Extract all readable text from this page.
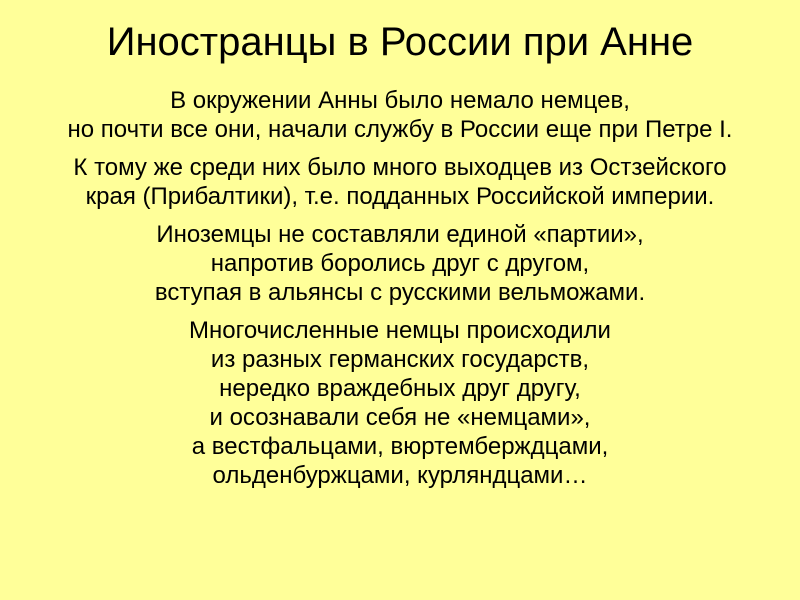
Иностранцы в России при Анне

В окружении Анны было немало немцев,
но почти все они, начали службу в России еще при Петре I.

К тому же среди них было много выходцев из Остзейского
края (Прибалтики), т.е. подданных Российской империи.

Иноземцы не составляли единой «партии»,
напротив боролись друг с другом,
вступая в альянсы с русскими вельможами.

Многочисленные немцы происходили
из разных германских государств,
нередко враждебных друг другу,
и осознавали себя не «немцами»,
а вестфальцами, вюртемберждцами,
ольденбуржцами, курляндцами…
